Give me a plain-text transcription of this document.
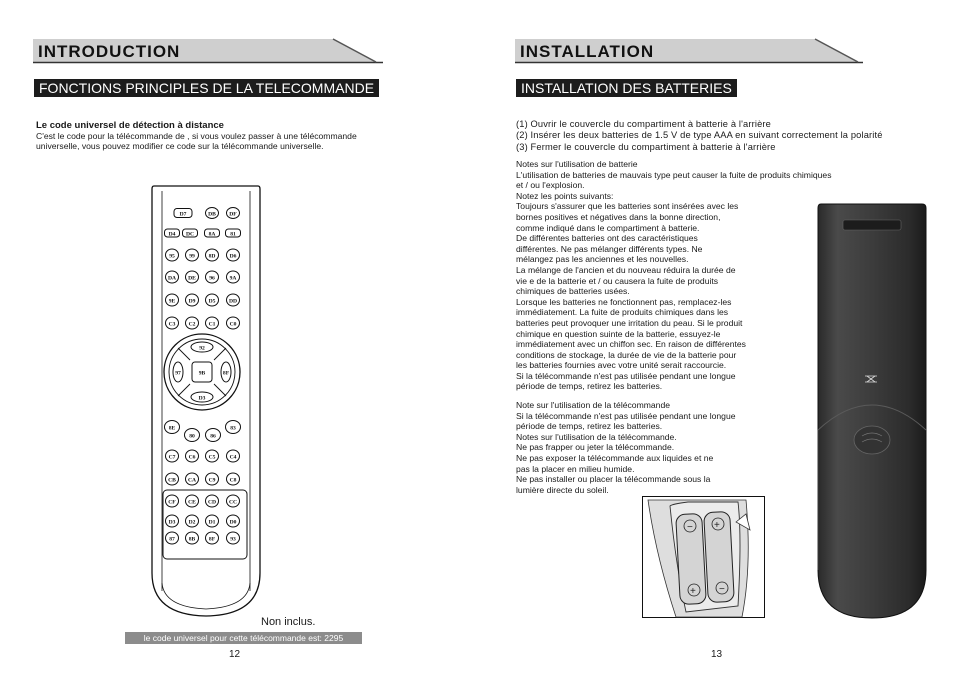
INTRODUCTION
FONCTIONS PRINCIPLES DE LA TELECOMMANDE
Le code universel de détection à distance
C'est le code pour la télécommande de , si vous voulez passer à une télécommande
universelle, vous pouvez modifier ce code sur la télécommande universelle.
D7	DB DF
D4 DC	8A	81
95	99 8D	D6
DA DE 96	9A
9E D9 D5 DD
C3 C2 C1	C0
92
97	9B	8F
D3
8E	83
80	86
C7 C6 C5	C4
CB CA C9	C8
CF CE CD CC
D3 D2 D1	D0
87 8B 8F	93
Non inclus.
le code universel pour cette télécommande est: 2295
12
INSTALLATION
INSTALLATION DES BATTERIES
(1) Ouvrir le couvercle du compartiment à batterie à l'arrière
(2) Insérer les deux batteries de 1.5 V de type AAA en suivant correctement la polarité
(3) Fermer le couvercle du compartiment à batterie à l'arrière
Notes sur l'utilisation de batterie
L'utilisation de batteries de mauvais type peut causer la fuite de produits chimiques
et / ou l'explosion.
Notez les points suivants:
Toujours s'assurer que les batteries sont insérées avec les
bornes positives et négatives dans la bonne direction,
comme indiqué dans le compartiment à batterie.
De différentes batteries ont des caractéristiques
différentes. Ne pas mélanger différents types. Ne
mélangez pas les anciennes et les nouvelles.
La mélange de l'ancien et du nouveau réduira la durée de
vie e de la batterie et / ou causera la fuite de produits
chimiques de batteries usées.
Lorsque les batteries ne fonctionnent pas, remplacez-les
immédiatement. La fuite de produits chimiques dans les
batteries peut provoquer une irritation du peau. Si le produit
chimique en question suinte de la batterie, essuyez-le
immédiatement avec un chiffon sec. En raison de différentes
conditions de stockage, la durée de vie de la batterie pour
les batteries fournies avec votre unité serait raccourcie.
Si la télécommande n'est pas utilisée pendant une longue
période de temps, retirez les batteries.
Note sur l'utilisation de la télécommande
Si la télécommande n'est pas utilisée pendant une longue
période de temps, retirez les batteries.
Notes sur l'utilisation de la télécommande.
Ne pas frapper ou jeter la télécommande.
Ne pas exposer la télécommande aux liquides et ne
pas la placer en milieu humide.
Ne pas installer ou placer la télécommande sous la
lumière directe du soleil.
− +
+ −
13
